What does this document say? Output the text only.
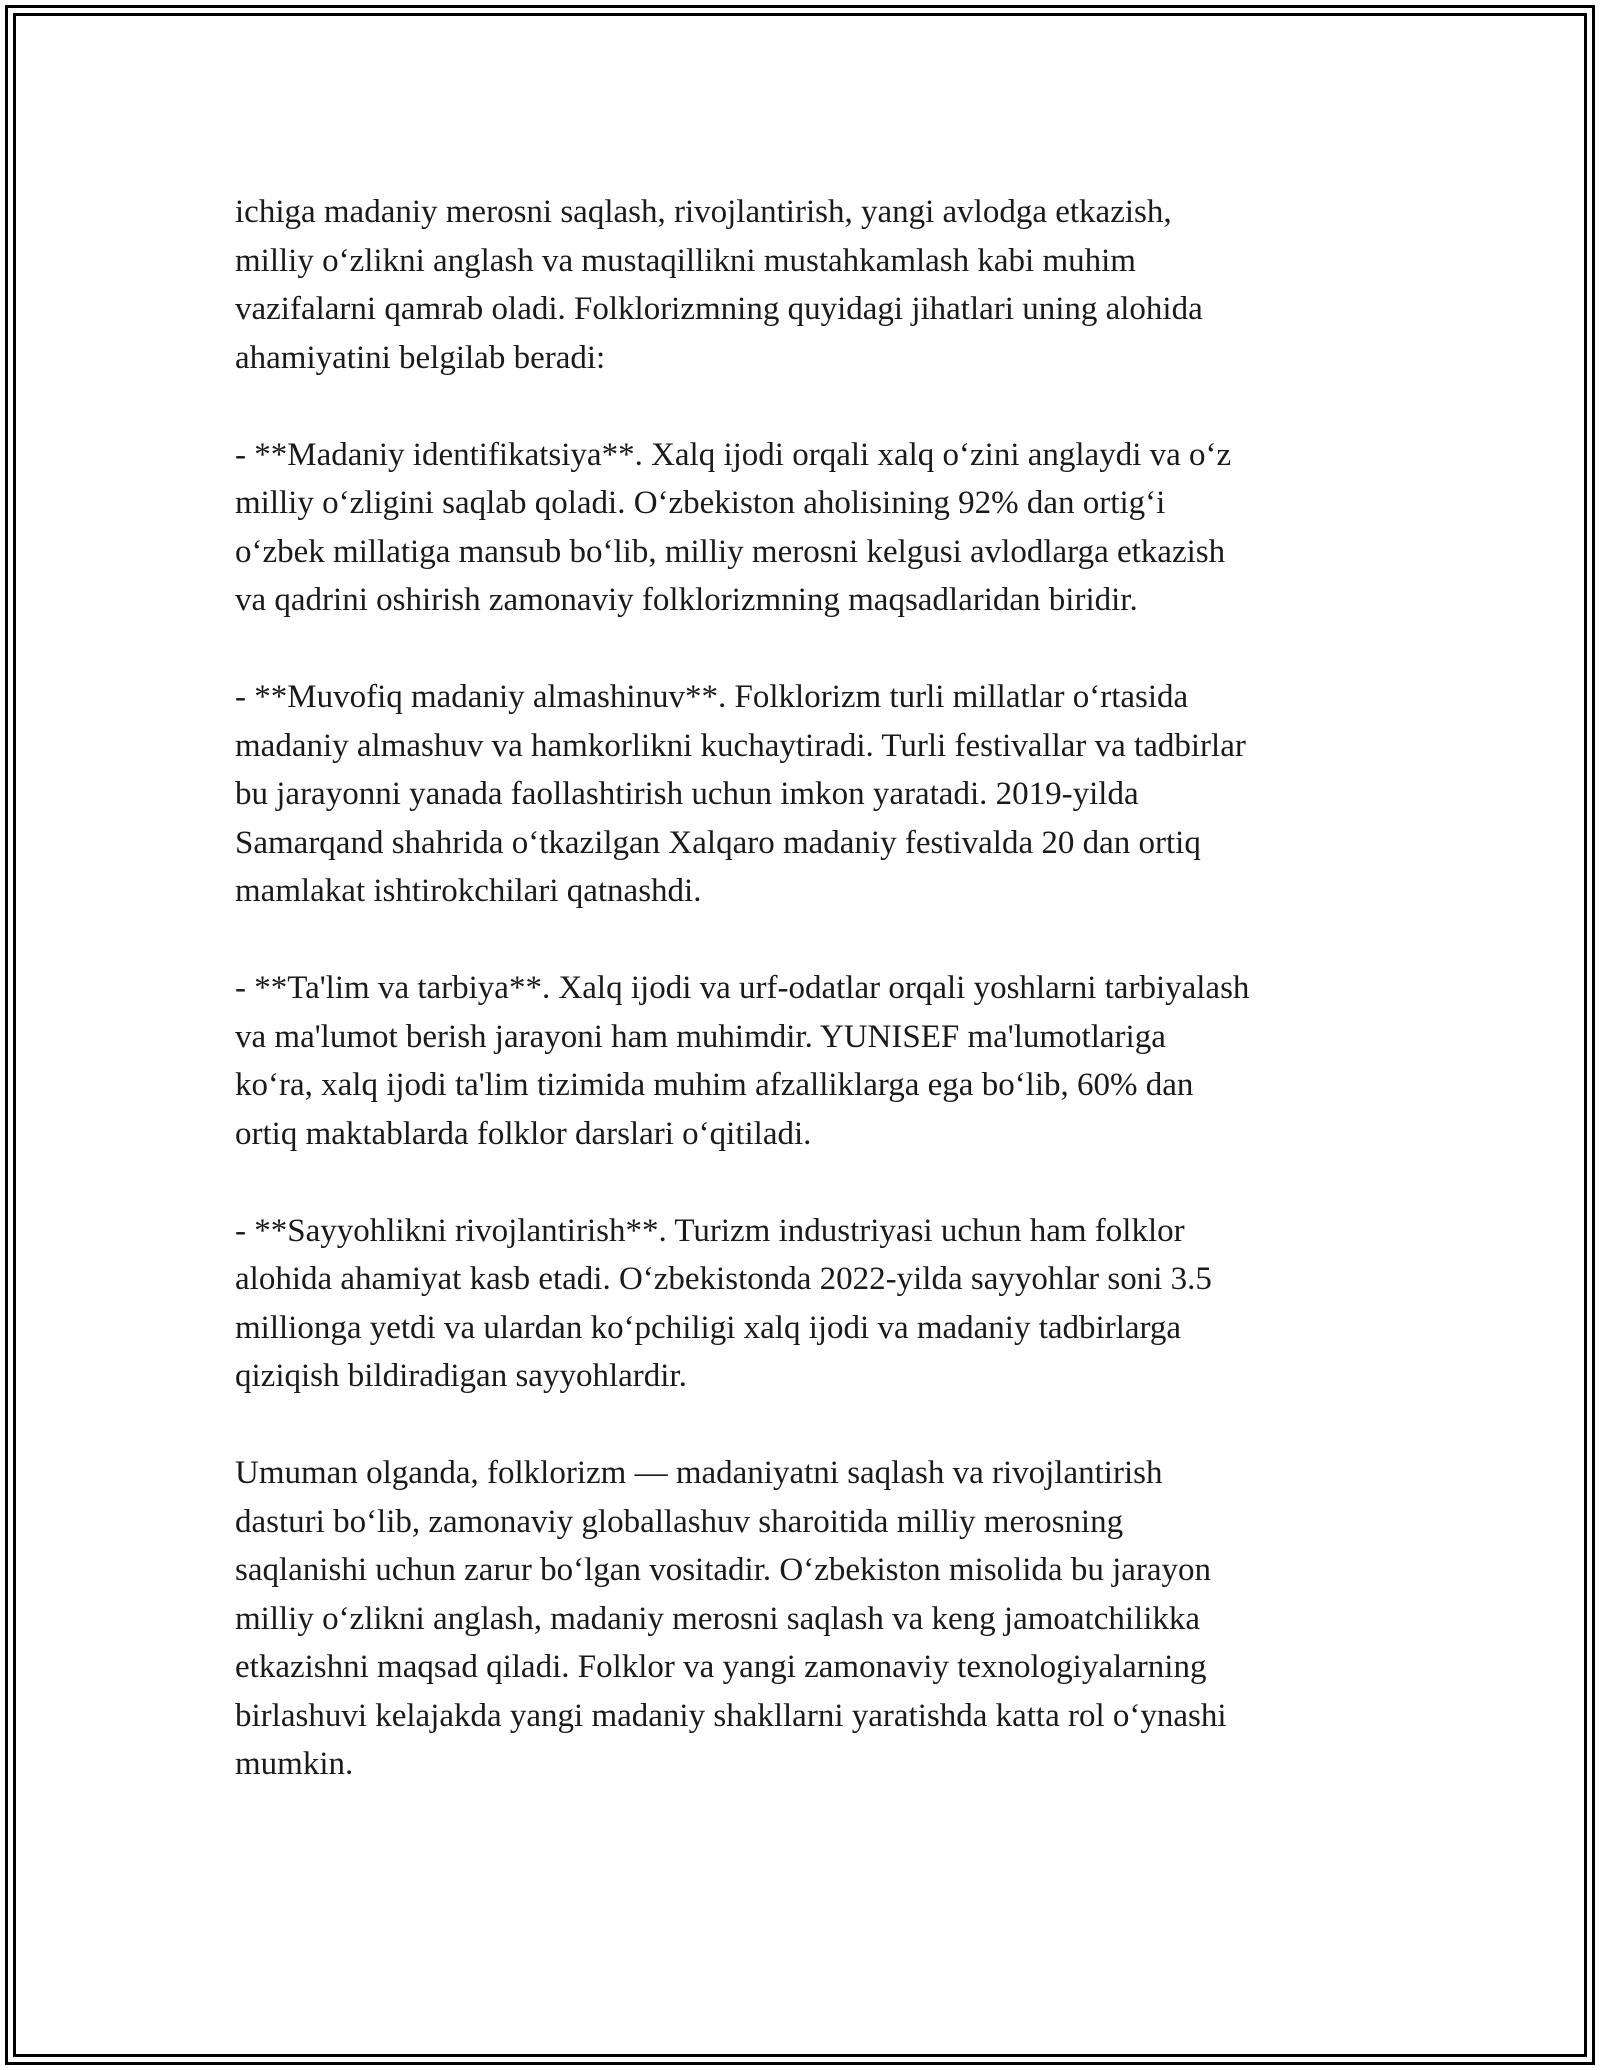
ichiga madaniy merosni saqlash, rivojlantirish, yangi avlodga etkazish,
milliy o‘zlikni anglash va mustaqillikni mustahkamlash kabi muhim
vazifalarni qamrab oladi. Folklorizmning quyidagi jihatlari uning alohida
ahamiyatini belgilab beradi:

- **Madaniy identifikatsiya**. Xalq ijodi orqali xalq o‘zini anglaydi va o‘z
milliy o‘zligini saqlab qoladi. O‘zbekiston aholisining 92% dan ortig‘i
o‘zbek millatiga mansub bo‘lib, milliy merosni kelgusi avlodlarga etkazish
va qadrini oshirish zamonaviy folklorizmning maqsadlaridan biridir.

- **Muvofiq madaniy almashinuv**. Folklorizm turli millatlar o‘rtasida
madaniy almashuv va hamkorlikni kuchaytiradi. Turli festivallar va tadbirlar
bu jarayonni yanada faollashtirish uchun imkon yaratadi. 2019-yilda
Samarqand shahrida o‘tkazilgan Xalqaro madaniy festivalda 20 dan ortiq
mamlakat ishtirokchilari qatnashdi.

- **Ta'lim va tarbiya**. Xalq ijodi va urf-odatlar orqali yoshlarni tarbiyalash
va ma'lumot berish jarayoni ham muhimdir. YUNISEF ma'lumotlariga
ko‘ra, xalq ijodi ta'lim tizimida muhim afzalliklarga ega bo‘lib, 60% dan
ortiq maktablarda folklor darslari o‘qitiladi.

- **Sayyohlikni rivojlantirish**. Turizm industriyasi uchun ham folklor
alohida ahamiyat kasb etadi. O‘zbekistonda 2022-yilda sayyohlar soni 3.5
millionga yetdi va ulardan ko‘pchiligi xalq ijodi va madaniy tadbirlarga
qiziqish bildiradigan sayyohlardir.

Umuman olganda, folklorizm — madaniyatni saqlash va rivojlantirish
dasturi bo‘lib, zamonaviy globallashuv sharoitida milliy merosning
saqlanishi uchun zarur bo‘lgan vositadir. O‘zbekiston misolida bu jarayon
milliy o‘zlikni anglash, madaniy merosni saqlash va keng jamoatchilikka
etkazishni maqsad qiladi. Folklor va yangi zamonaviy texnologiyalarning
birlashuvi kelajakda yangi madaniy shakllarni yaratishda katta rol o‘ynashi
mumkin.
